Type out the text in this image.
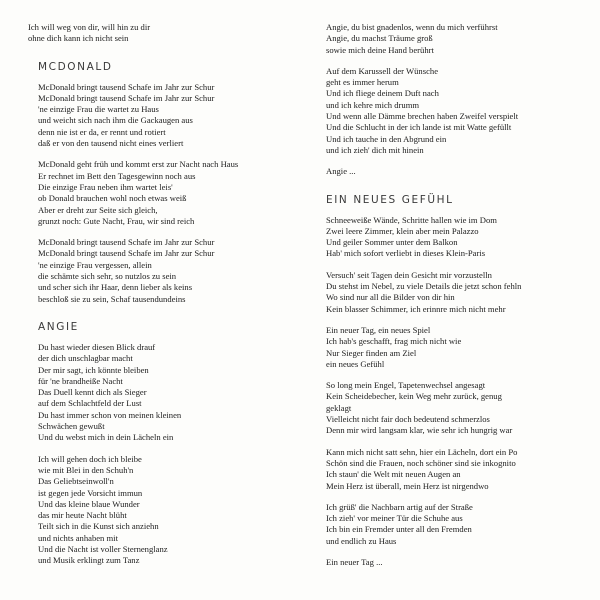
Ich will weg von dir, will hin zu dir
ohne dich kann ich nicht sein
MCDONALD
McDonald bringt tausend Schafe im Jahr zur Schur
McDonald bringt tausend Schafe im Jahr zur Schur
'ne einzige Frau die wartet zu Haus
und weicht sich nach ihm die Gackaugen aus
denn nie ist er da, er rennt und rotiert
daß er von den tausend nicht eines verliert
McDonald geht früh und kommt erst zur Nacht nach Haus
Er rechnet im Bett den Tagesgewinn noch aus
Die einzige Frau neben ihm wartet leis'
ob Donald brauchen wohl noch etwas weiß
Aber er dreht zur Seite sich gleich,
grunzt noch: Gute Nacht, Frau, wir sind reich
McDonald bringt tausend Schafe im Jahr zur Schur
McDonald bringt tausend Schafe im Jahr zur Schur
'ne einzige Frau vergessen, allein
die schämte sich sehr, so nutzlos zu sein
und scher sich ihr Haar, denn lieber als keins
beschloß sie zu sein, Schaf tausendundeins
ANGIE
Du hast wieder diesen Blick drauf
der dich unschlagbar macht
Der mir sagt, ich könnte bleiben
für 'ne brandheiße Nacht
Das Duell kennt dich als Sieger
auf dem Schlachtfeld der Lust
Du hast immer schon von meinen kleinen
Schwächen gewußt
Und du webst mich in dein Lächeln ein
Ich will gehen doch ich bleibe
wie mit Blei in den Schuh'n
Das Geliebtseinwoll'n
ist gegen jede Vorsicht immun
Und das kleine blaue Wunder
das mir heute Nacht blüht
Teilt sich in die Kunst sich anziehn
und nichts anhaben mit
Und die Nacht ist voller Sternenglanz
und Musik erklingt zum Tanz
Angie, du bist gnadenlos, wenn du mich verführst
Angie, du machst Träume groß
sowie mich deine Hand berührt
Auf dem Karussell der Wünsche
geht es immer herum
Und ich fliege deinem Duft nach
und ich kehre mich drumm
Und wenn alle Dämme brechen haben Zweifel verspielt
Und die Schlucht in der ich lande ist mit Watte gefüllt
Und ich tauche in den Abgrund ein
und ich zieh' dich mit hinein
Angie ...
EIN NEUES GEFÜHL
Schneeweiße Wände, Schritte hallen wie im Dom
Zwei leere Zimmer, klein aber mein Palazzo
Und geiler Sommer unter dem Balkon
Hab' mich sofort verliebt in dieses Klein-Paris
Versuch' seit Tagen dein Gesicht mir vorzustelln
Du stehst im Nebel, zu viele Details die jetzt schon fehln
Wo sind nur all die Bilder von dir hin
Kein blasser Schimmer, ich erinnre mich nicht mehr
Ein neuer Tag, ein neues Spiel
Ich hab's geschafft, frag mich nicht wie
Nur Sieger finden am Ziel
ein neues Gefühl
So long mein Engel, Tapetenwechsel angesagt
Kein Scheidebecher, kein Weg mehr zurück, genug
geklagt
Vielleicht nicht fair doch bedeutend schmerzlos
Denn mir wird langsam klar, wie sehr ich hungrig war
Kann mich nicht satt sehn, hier ein Lächeln, dort ein Po
Schön sind die Frauen, noch schöner sind sie inkognito
Ich staun' die Welt mit neuen Augen an
Mein Herz ist überall, mein Herz ist nirgendwo
Ich grüß' die Nachbarn artig auf der Straße
Ich zieh' vor meiner Tür die Schuhe aus
Ich bin ein Fremder unter all den Fremden
und endlich zu Haus
Ein neuer Tag ...
